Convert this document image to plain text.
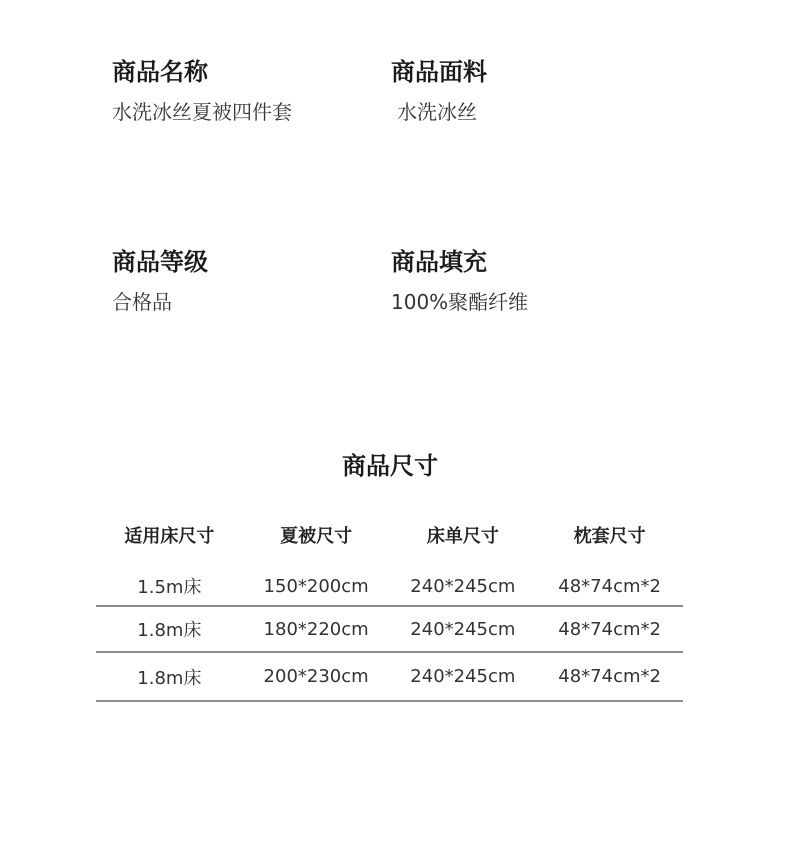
商品名称
水洗冰丝夏被四件套
商品面料
水洗冰丝
商品等级
合格品
商品填充
100%聚酯纤维
商品尺寸
适用床尺寸	夏被尺寸	床单尺寸	枕套尺寸
1.5m床	150*200cm	240*245cm	48*74cm*2
1.8m床	180*220cm	240*245cm	48*74cm*2
1.8m床	200*230cm	240*245cm	48*74cm*2
